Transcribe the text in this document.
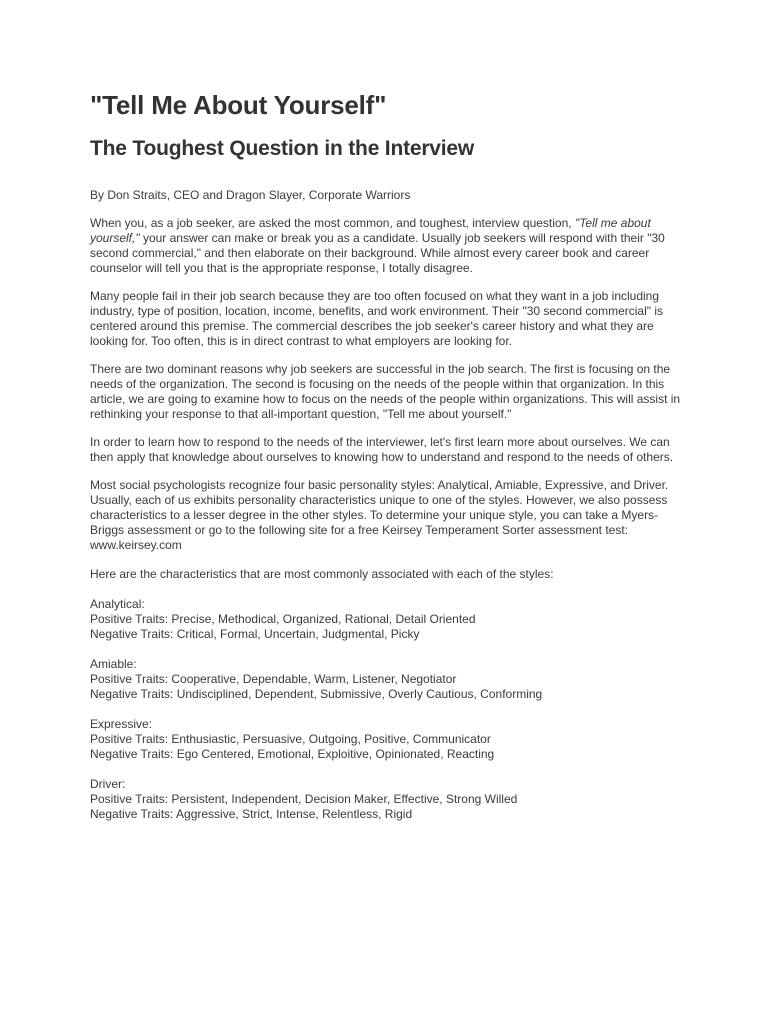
"Tell Me About Yourself"
The Toughest Question in the Interview

By Don Straits, CEO and Dragon Slayer, Corporate Warriors

When you, as a job seeker, are asked the most common, and toughest, interview question, "Tell me about yourself," your answer can make or break you as a candidate. Usually job seekers will respond with their "30 second commercial," and then elaborate on their background. While almost every career book and career counselor will tell you that is the appropriate response, I totally disagree.

Many people fail in their job search because they are too often focused on what they want in a job including industry, type of position, location, income, benefits, and work environment. Their "30 second commercial" is centered around this premise. The commercial describes the job seeker's career history and what they are looking for. Too often, this is in direct contrast to what employers are looking for.

There are two dominant reasons why job seekers are successful in the job search. The first is focusing on the needs of the organization. The second is focusing on the needs of the people within that organization. In this article, we are going to examine how to focus on the needs of the people within organizations. This will assist in rethinking your response to that all-important question, "Tell me about yourself."

In order to learn how to respond to the needs of the interviewer, let's first learn more about ourselves. We can then apply that knowledge about ourselves to knowing how to understand and respond to the needs of others.

Most social psychologists recognize four basic personality styles: Analytical, Amiable, Expressive, and Driver. Usually, each of us exhibits personality characteristics unique to one of the styles. However, we also possess characteristics to a lesser degree in the other styles. To determine your unique style, you can take a Myers-Briggs assessment or go to the following site for a free Keirsey Temperament Sorter assessment test: www.keirsey.com

Here are the characteristics that are most commonly associated with each of the styles:

Analytical:
Positive Traits: Precise, Methodical, Organized, Rational, Detail Oriented
Negative Traits: Critical, Formal, Uncertain, Judgmental, Picky
Amiable:
Positive Traits: Cooperative, Dependable, Warm, Listener, Negotiator
Negative Traits: Undisciplined, Dependent, Submissive, Overly Cautious, Conforming
Expressive:
Positive Traits: Enthusiastic, Persuasive, Outgoing, Positive, Communicator
Negative Traits: Ego Centered, Emotional, Exploitive, Opinionated, Reacting
Driver:
Positive Traits: Persistent, Independent, Decision Maker, Effective, Strong Willed
Negative Traits: Aggressive, Strict, Intense, Relentless, Rigid
